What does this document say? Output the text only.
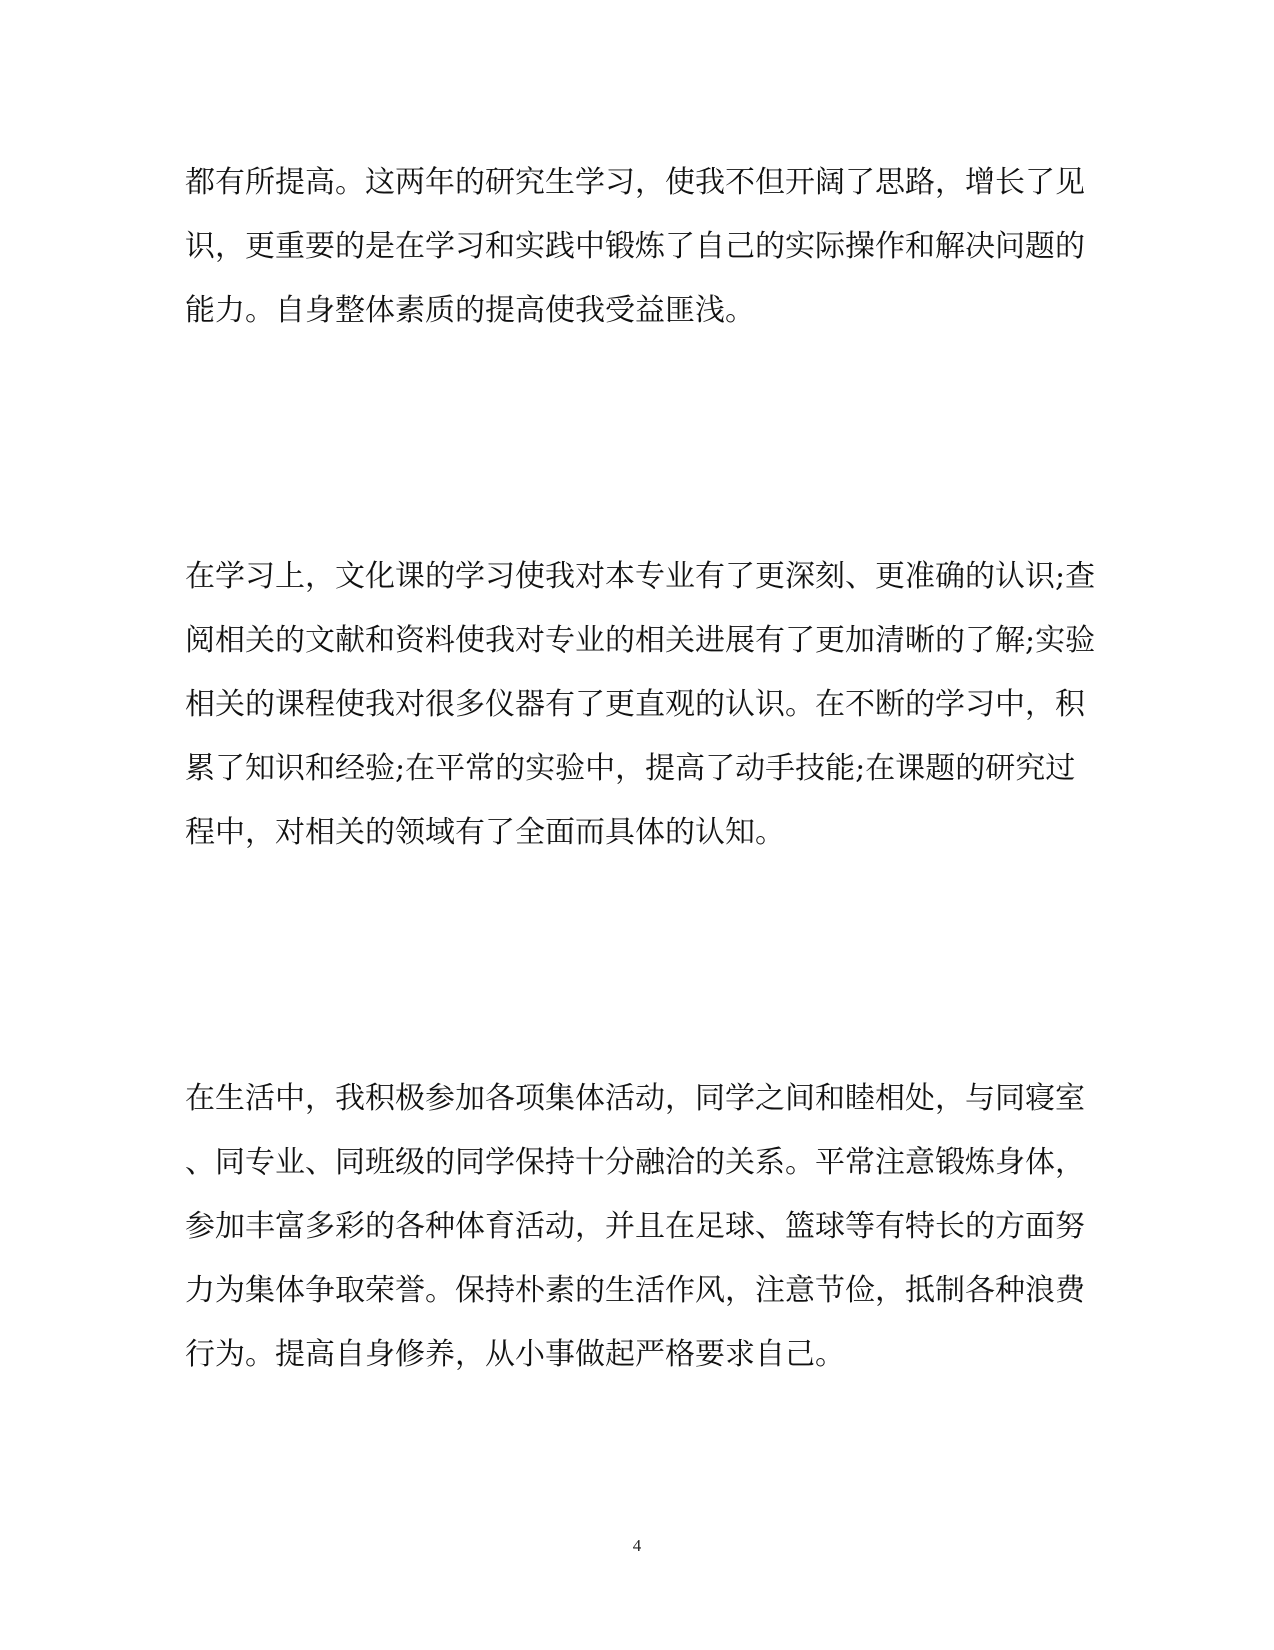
都有所提高。这两年的研究生学习，使我不但开阔了思路，增长了见
识，更重要的是在学习和实践中锻炼了自己的实际操作和解决问题的
能力。自身整体素质的提高使我受益匪浅。
在学习上，文化课的学习使我对本专业有了更深刻、更准确的认识;查
阅相关的文献和资料使我对专业的相关进展有了更加清晰的了解;实验
相关的课程使我对很多仪器有了更直观的认识。在不断的学习中，积
累了知识和经验;在平常的实验中，提高了动手技能;在课题的研究过
程中，对相关的领域有了全面而具体的认知。
在生活中，我积极参加各项集体活动，同学之间和睦相处，与同寝室
、同专业、同班级的同学保持十分融洽的关系。平常注意锻炼身体，
参加丰富多彩的各种体育活动，并且在足球、篮球等有特长的方面努
力为集体争取荣誉。保持朴素的生活作风，注意节俭，抵制各种浪费
行为。提高自身修养，从小事做起严格要求自己。
4
